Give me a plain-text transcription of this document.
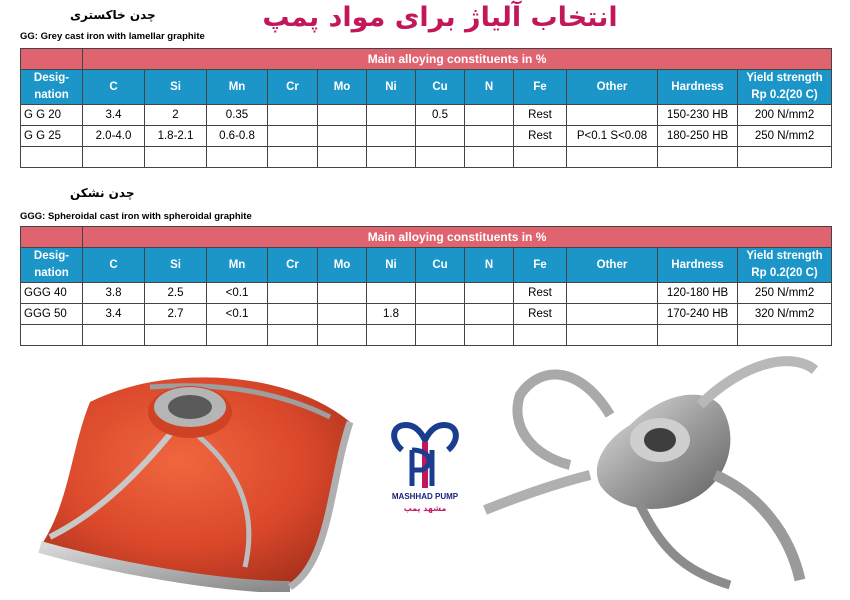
انتخاب آلیاژ برای مواد پمپ
چدن خاکستری
GG: Grey cast iron with lamellar graphite
	Main alloying constituents in %											
Desig-
nation	C	Si	Mn	Cr	Mo	Ni	Cu	N	Fe	Other	Hardness	Yield strength
Rp 0.2(20 C)
G G 20	3.4	2	0.35				0.5		Rest		150-230 HB	200 N/mm2
G G 25	2.0-4.0	1.8-2.1	0.6-0.8						Rest	P<0.1 S<0.08	180-250 HB	250 N/mm2

چدن نشکن
GGG: Spheroidal cast iron with spheroidal graphite
	Main alloying constituents in %											
Desig-
nation	C	Si	Mn	Cr	Mo	Ni	Cu	N	Fe	Other	Hardness	Yield strength
Rp 0.2(20 C)
GGG 40	3.8	2.5	<0.1						Rest		120-180 HB	250 N/mm2
GGG 50	3.4	2.7	<0.1			1.8			Rest		170-240 HB	320 N/mm2

MASHHAD PUMP
مشهد پمپ
